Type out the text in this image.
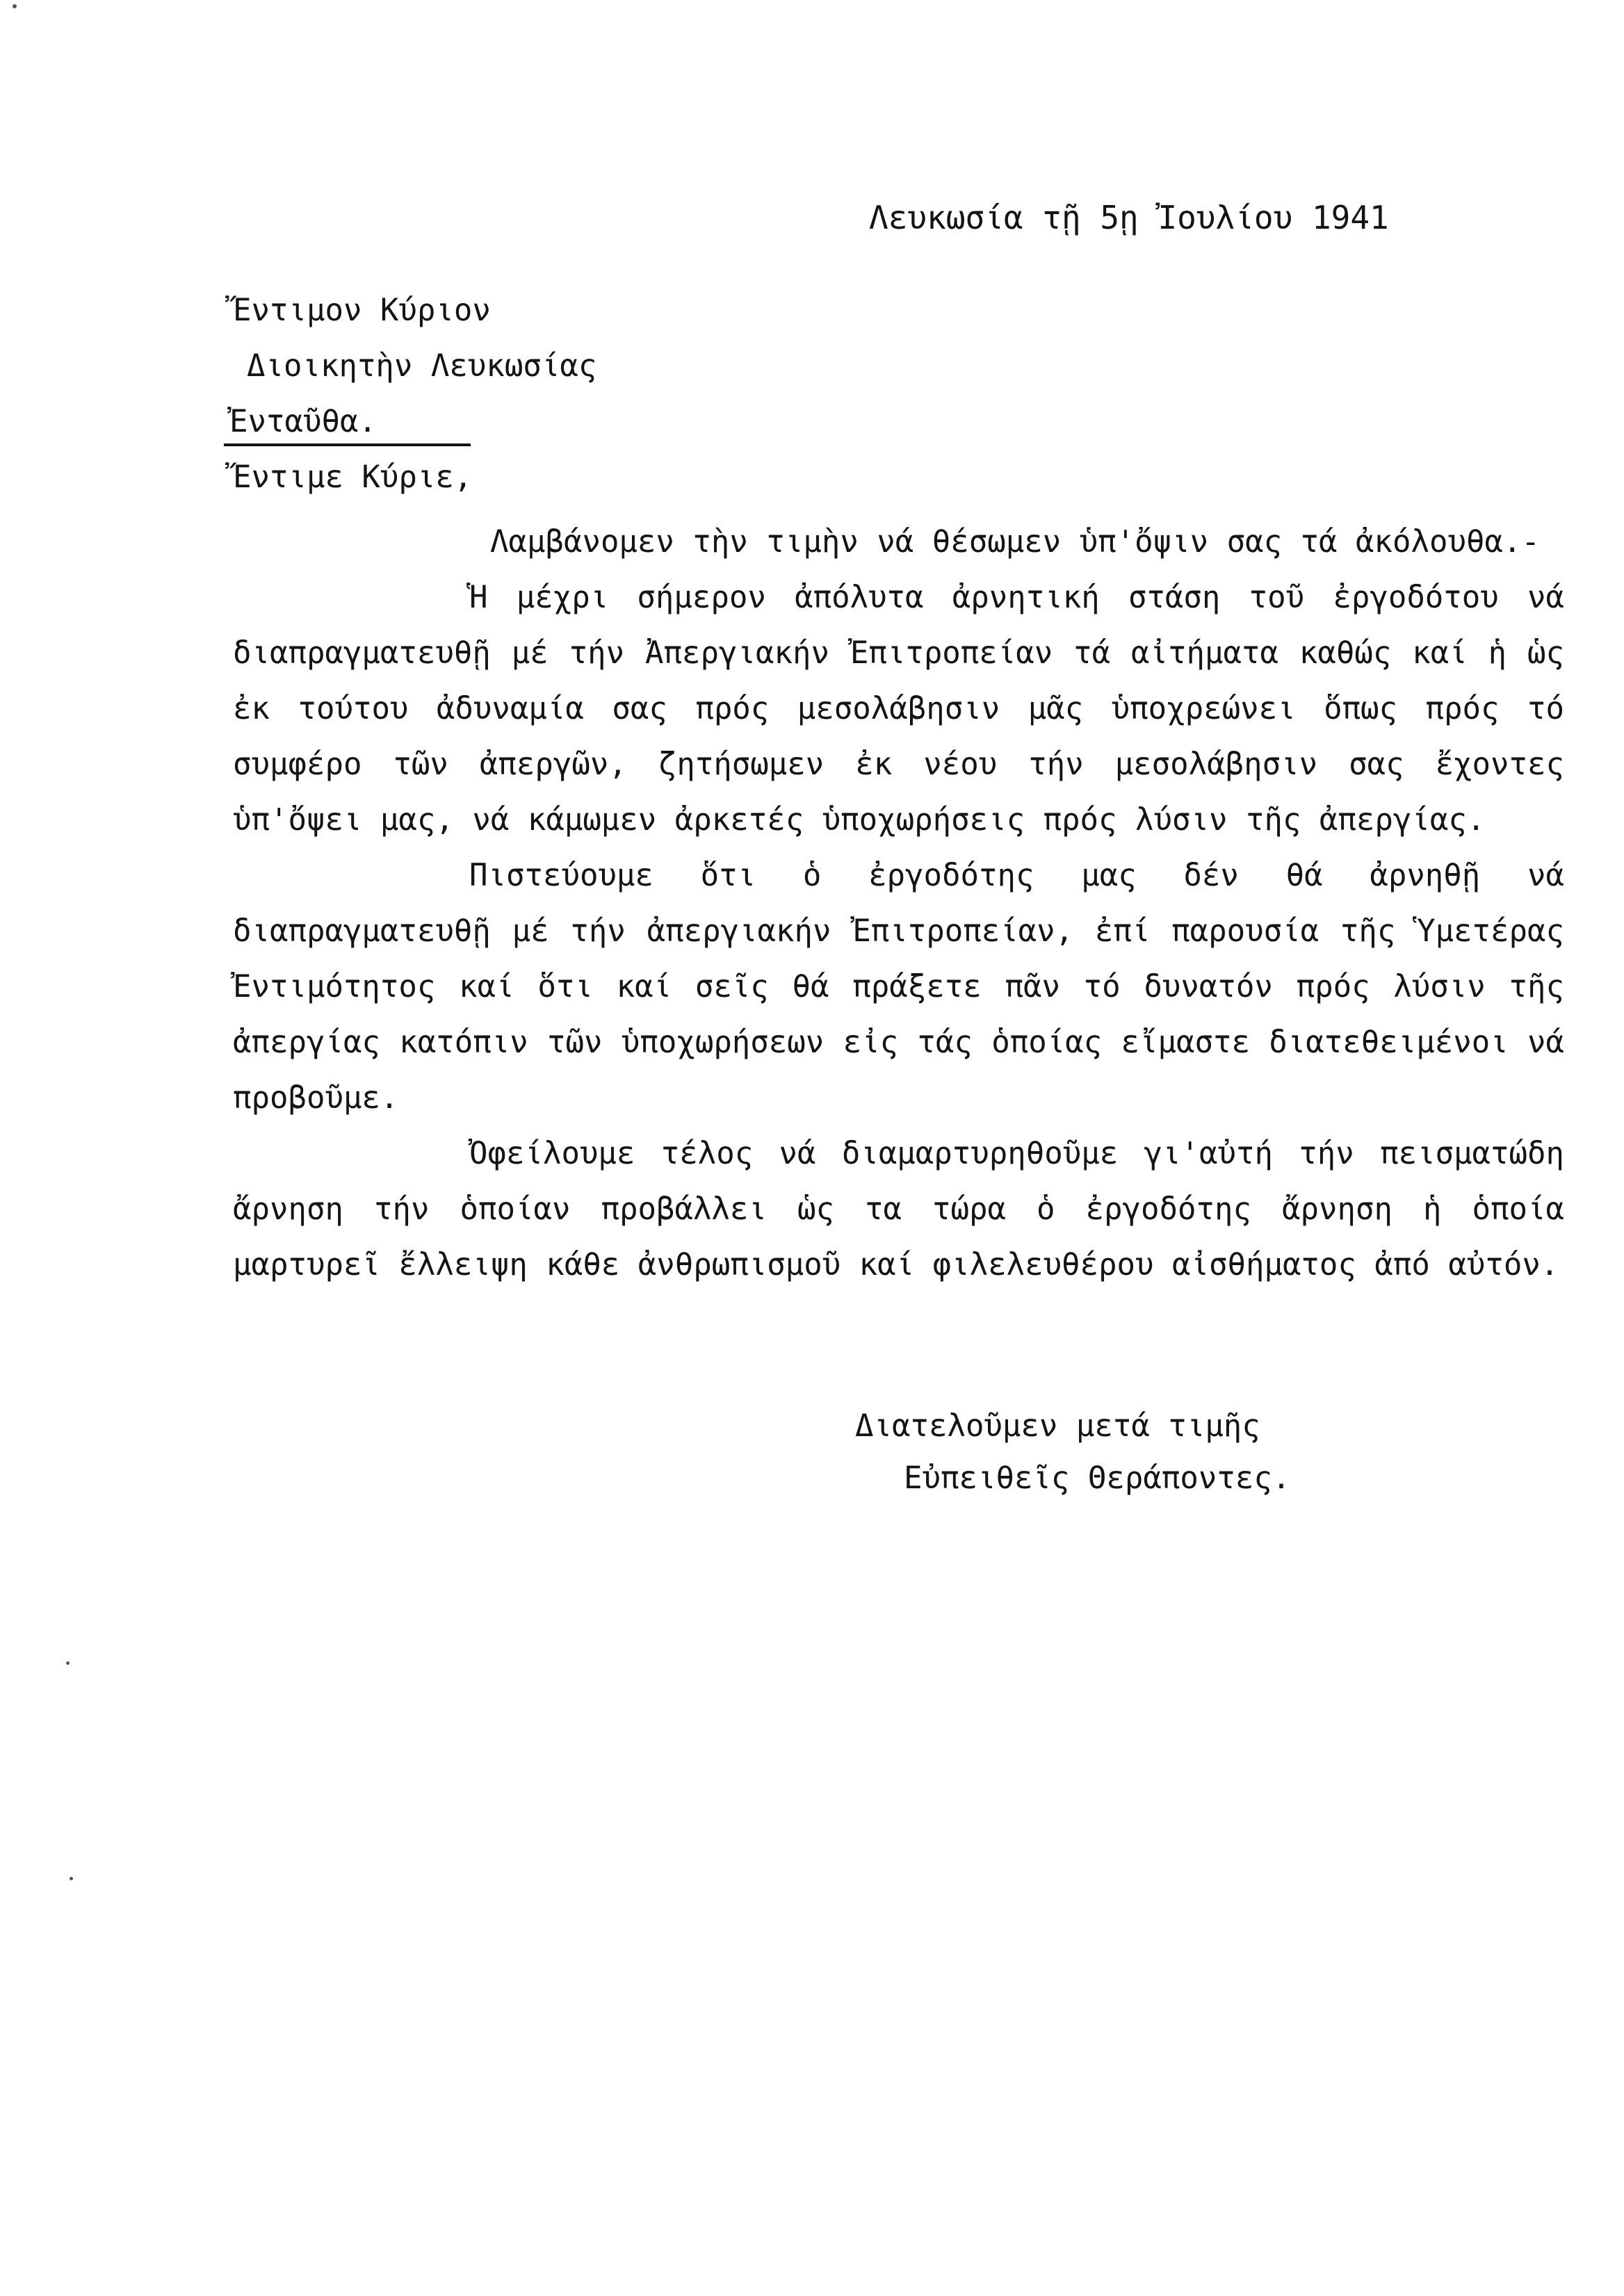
Λευκωσία τῇ 5ῃ Ἰουλίου 1941
Ἔντιμον Κύριον
Διοικητὴν Λευκωσίας
Ἐνταῦθα.
Ἔντιμε Κύριε,

Λαμβάνομεν τὴν τιμὴν νά θέσωμεν ὑπ'ὄψιν σας τά ἀκόλουθα.-

Ἡ μέχρι σήμερον ἀπόλυτα ἀρνητική στάση τοῦ ἐργοδότου νά διαπραγματευθῇ μέ τήν Ἀπεργιακήν Ἐπιτροπείαν τά αἰτήματα καθώς καί ἡ ὡς ἐκ τούτου ἀδυναμία σας πρός μεσολάβησιν μᾶς ὑποχρεώνει ὅπως πρός τό συμφέρο τῶν ἀπεργῶν, ζητήσωμεν ἐκ νέου τήν μεσολάβησιν σας ἔχοντες ὑπ'ὄψει μας, νά κάμωμεν ἀρκετές ὑποχωρήσεις πρός λύσιν τῆς ἀπεργίας.

Πιστεύουμε ὅτι ὁ ἐργοδότης μας δέν θά ἀρνηθῇ νά διαπραγματευθῇ μέ τήν ἀπεργιακήν Ἐπιτροπείαν, ἐπί παρουσία τῆς Ὑμετέρας Ἐντιμότητος καί ὅτι καί σεῖς θά πράξετε πᾶν τό δυνατόν πρός λύσιν τῆς ἀπεργίας κατόπιν τῶν ὑποχωρήσεων εἰς τάς ὁποίας εἴμαστε διατεθειμένοι νά προβοῦμε.

Ὀφείλουμε τέλος νά διαμαρτυρηθοῦμε γι'αὐτή τήν πεισματώδη ἄρνηση τήν ὁποίαν προβάλλει ὡς τα τώρα ὁ ἐργοδότης ἄρνηση ἡ ὁποία μαρτυρεῖ ἔλλειψη κάθε ἀνθρωπισμοῦ καί φιλελευθέρου αἰσθήματος ἀπό αὐτόν.

Διατελοῦμεν μετά τιμῆς
Εὐπειθεῖς Θεράποντες.
